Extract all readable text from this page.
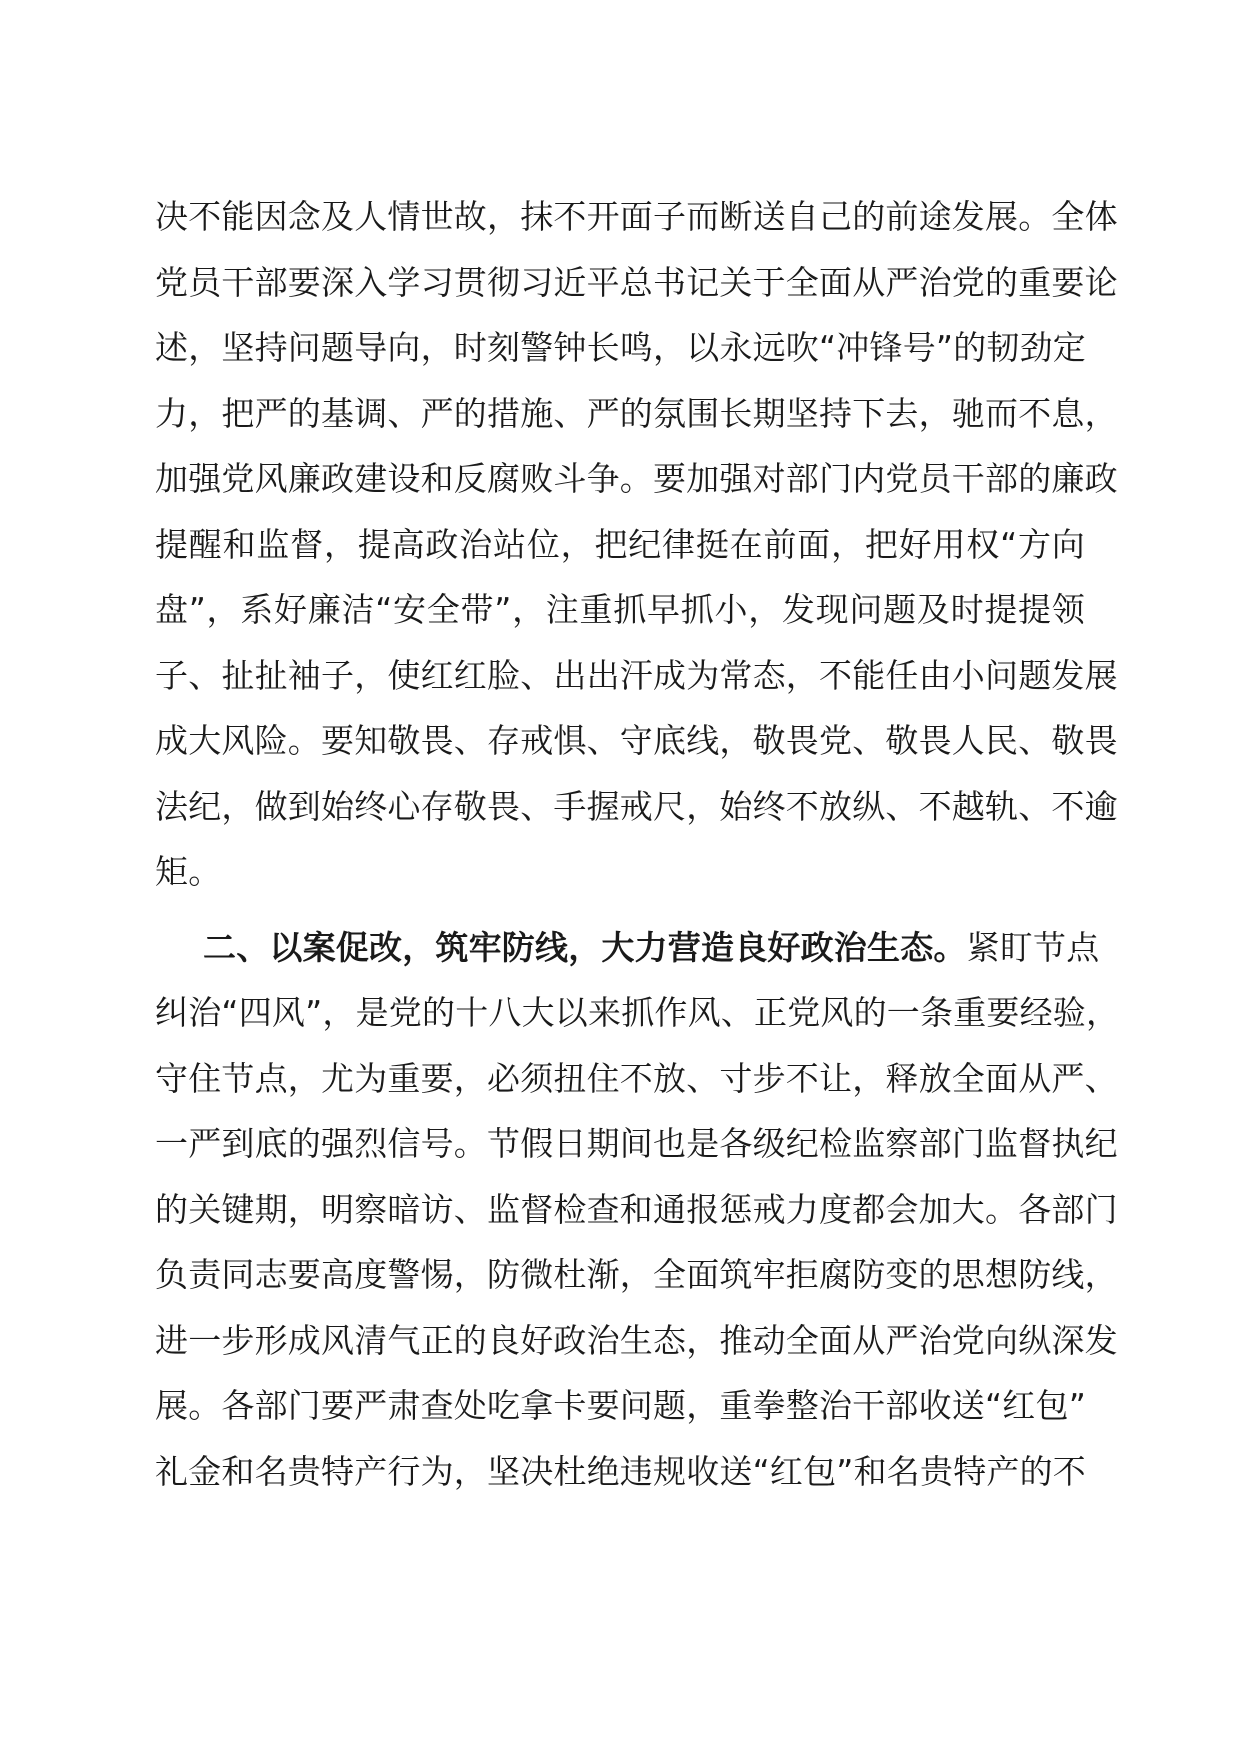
决不能因念及人情世故，抹不开面子而断送自己的前途发展。全体
党员干部要深入学习贯彻习近平总书记关于全面从严治党的重要论
述，坚持问题导向，时刻警钟长鸣，以永远吹“冲锋号”的韧劲定
力，把严的基调、严的措施、严的氛围长期坚持下去，驰而不息，
加强党风廉政建设和反腐败斗争。要加强对部门内党员干部的廉政
提醒和监督，提高政治站位，把纪律挺在前面，把好用权“方向
盘”，系好廉洁“安全带”，注重抓早抓小，发现问题及时提提领
子、扯扯袖子，使红红脸、出出汗成为常态，不能任由小问题发展
成大风险。要知敬畏、存戒惧、守底线，敬畏党、敬畏人民、敬畏
法纪，做到始终心存敬畏、手握戒尺，始终不放纵、不越轨、不逾
矩。
二、以案促改，筑牢防线，大力营造良好政治生态。紧盯节点
纠治“四风”，是党的十八大以来抓作风、正党风的一条重要经验，
守住节点，尤为重要，必须扭住不放、寸步不让，释放全面从严、
一严到底的强烈信号。节假日期间也是各级纪检监察部门监督执纪
的关键期，明察暗访、监督检查和通报惩戒力度都会加大。各部门
负责同志要高度警惕，防微杜渐，全面筑牢拒腐防变的思想防线，
进一步形成风清气正的良好政治生态，推动全面从严治党向纵深发
展。各部门要严肃查处吃拿卡要问题，重拳整治干部收送“红包”
礼金和名贵特产行为，坚决杜绝违规收送“红包”和名贵特产的不
